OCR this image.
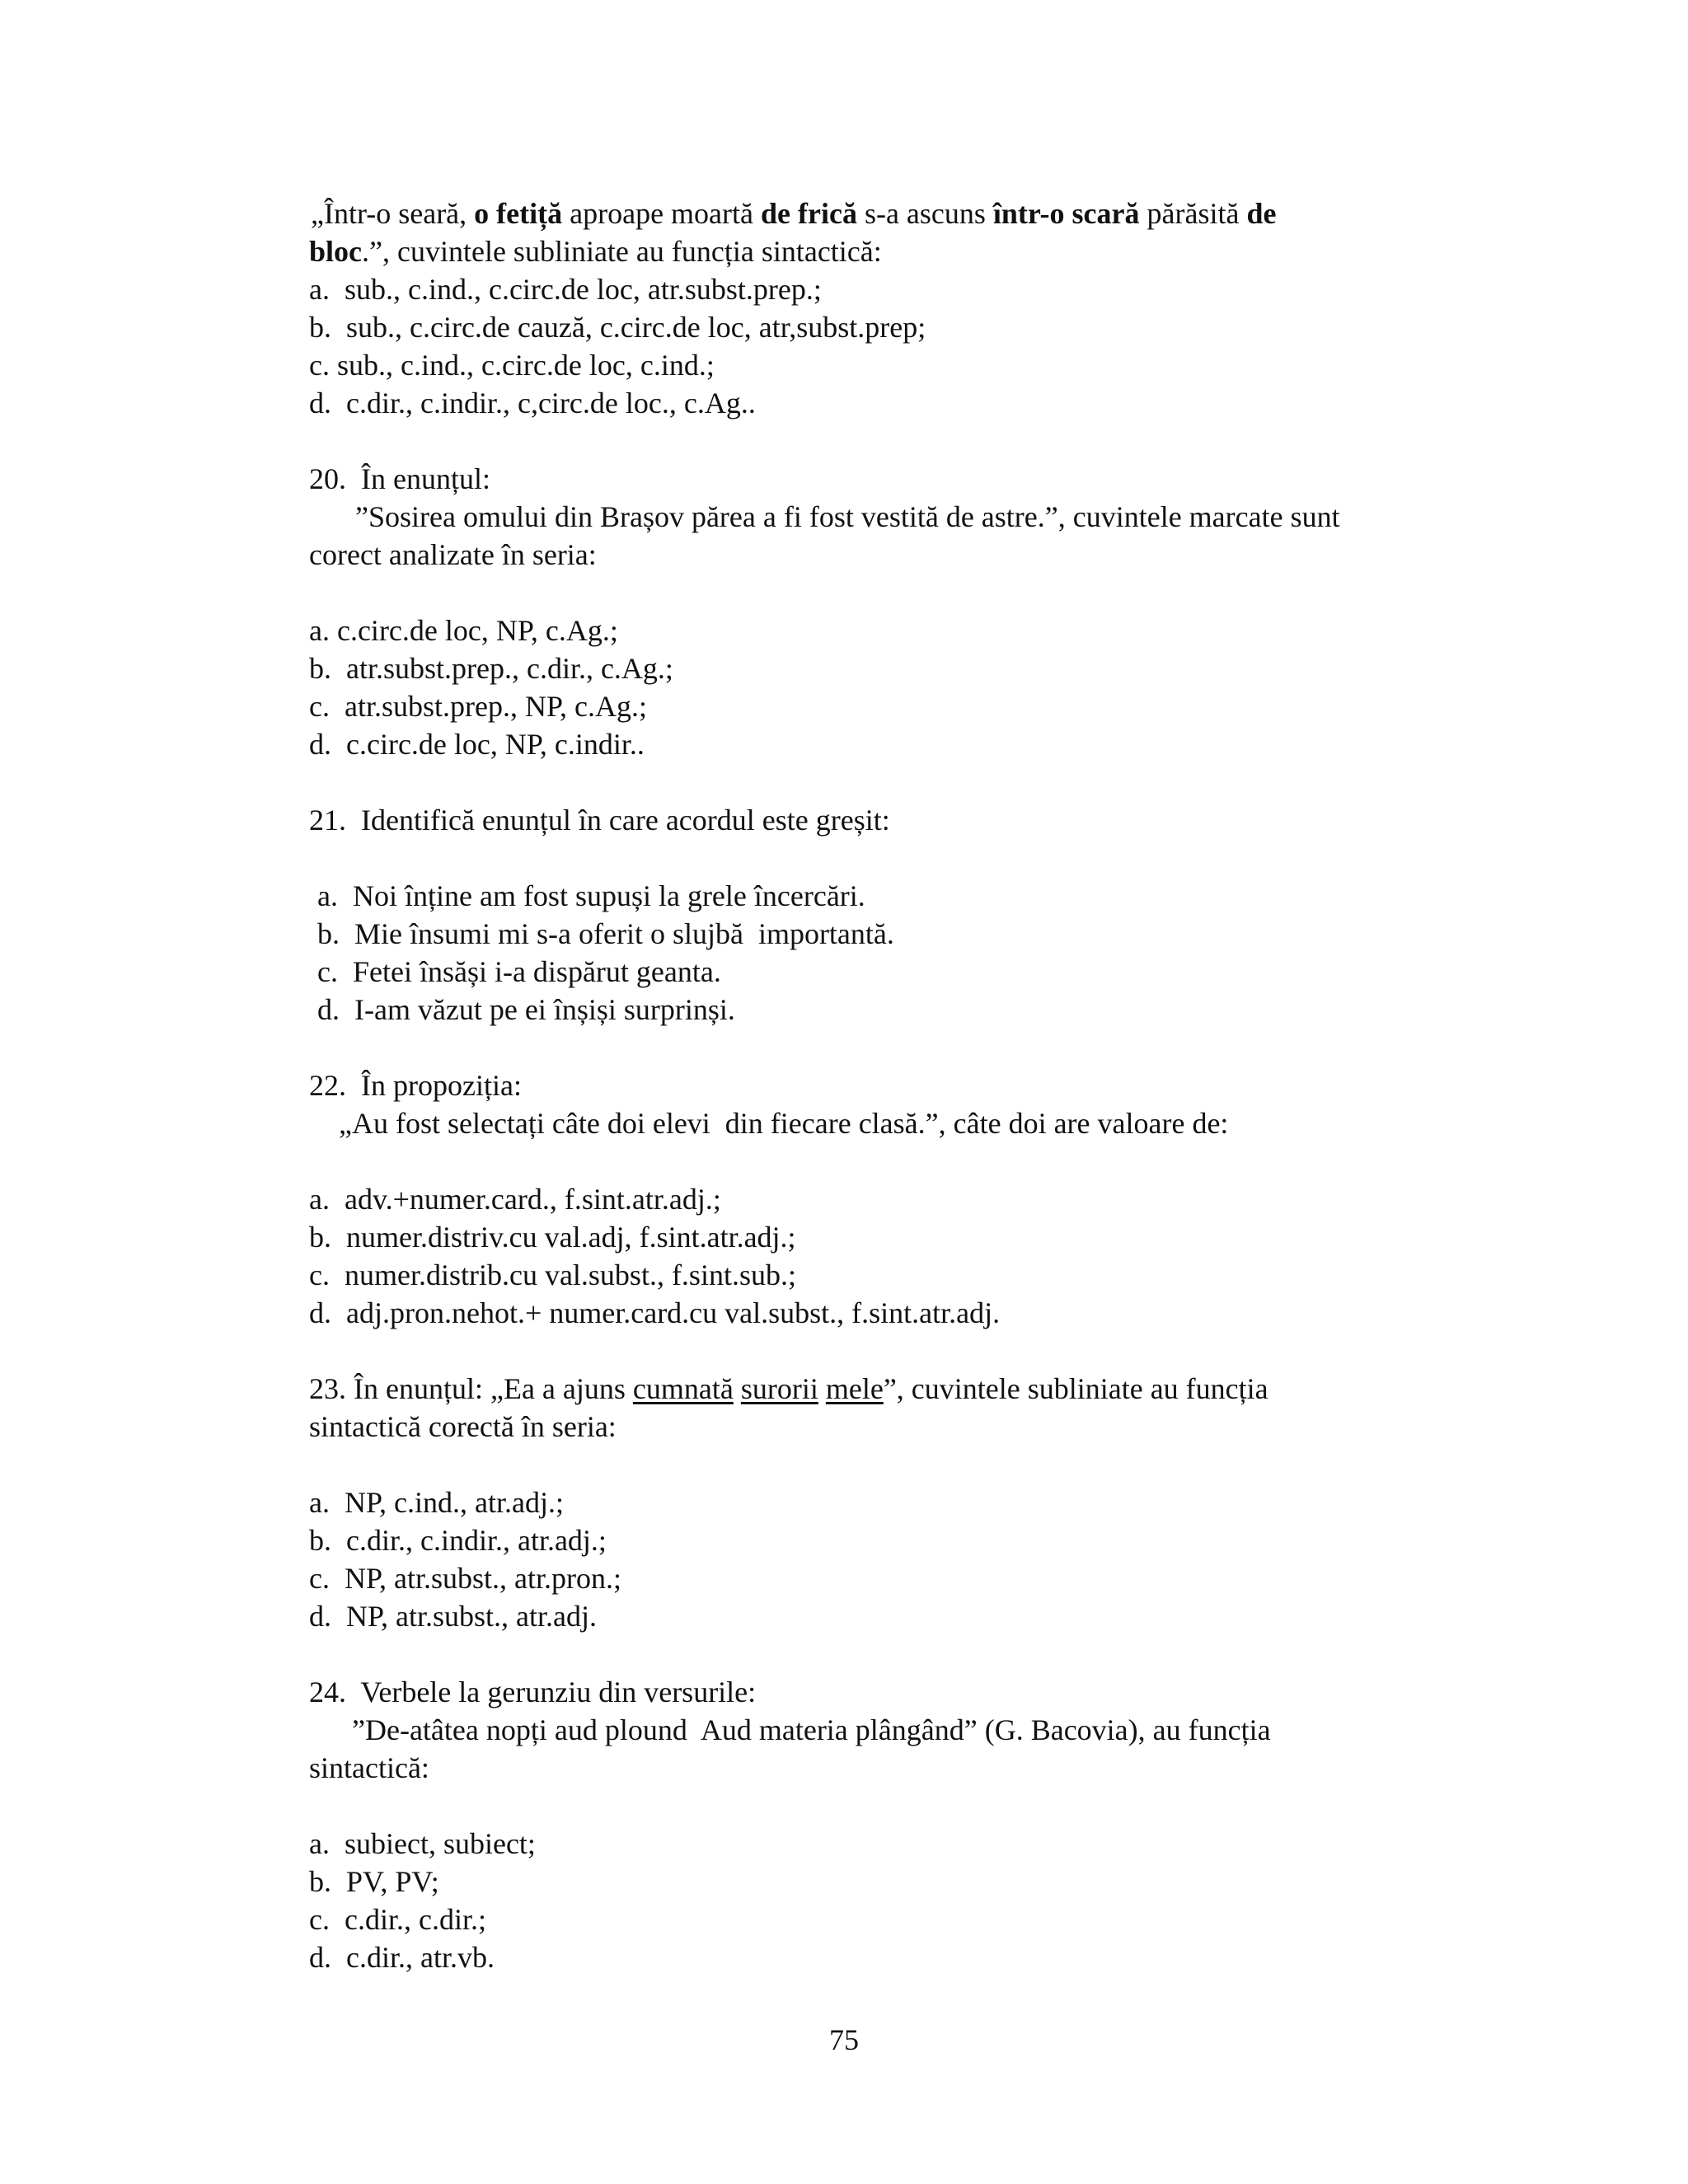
„Într-o seară, o fetiță aproape moartă de frică s-a ascuns într-o scară părăsită de
bloc.”, cuvintele subliniate au funcția sintactică:
a.  sub., c.ind., c.circ.de loc, atr.subst.prep.;
b.  sub., c.circ.de cauză, c.circ.de loc, atr,subst.prep;
c. sub., c.ind., c.circ.de loc, c.ind.;
d.  c.dir., c.indir., c,circ.de loc., c.Ag..
20.  În enunțul:
”Sosirea omului din Brașov părea a fi fost vestită de astre.”, cuvintele marcate sunt
corect analizate în seria:
a. c.circ.de loc, NP, c.Ag.;
b.  atr.subst.prep., c.dir., c.Ag.;
c.  atr.subst.prep., NP, c.Ag.;
d.  c.circ.de loc, NP, c.indir..
21.  Identifică enunțul în care acordul este greșit:
a.  Noi înține am fost supuși la grele încercări.
b.  Mie însumi mi s-a oferit o slujbă  importantă.
c.  Fetei însăși i-a dispărut geanta.
d.  I-am văzut pe ei înșiși surprinși.
22.  În propoziția:
„Au fost selectați câte doi elevi  din fiecare clasă.”, câte doi are valoare de:
a.  adv.+numer.card., f.sint.atr.adj.;
b.  numer.distriv.cu val.adj, f.sint.atr.adj.;
c.  numer.distrib.cu val.subst., f.sint.sub.;
d.  adj.pron.nehot.+ numer.card.cu val.subst., f.sint.atr.adj.
23. În enunțul: „Ea a ajuns cumnată surorii mele”, cuvintele subliniate au funcția
sintactică corectă în seria:
a.  NP, c.ind., atr.adj.;
b.  c.dir., c.indir., atr.adj.;
c.  NP, atr.subst., atr.pron.;
d.  NP, atr.subst., atr.adj.
24.  Verbele la gerunziu din versurile:
”De-atâtea nopți aud plound  Aud materia plângând” (G. Bacovia), au funcția
sintactică:
a.  subiect, subiect;
b.  PV, PV;
c.  c.dir., c.dir.;
d.  c.dir., atr.vb.
75
